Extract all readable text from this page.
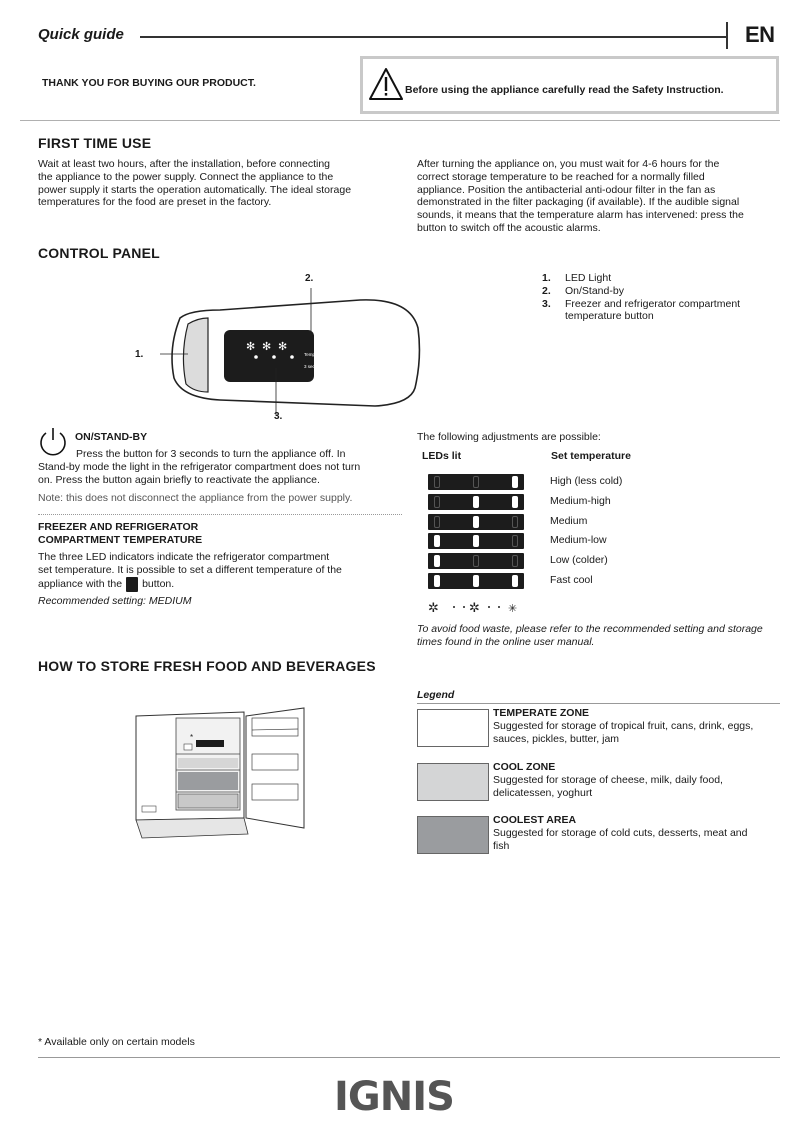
Quick guide	EN
THANK YOU FOR BUYING OUR PRODUCT.
Before using the appliance carefully read the Safety Instruction.
FIRST TIME USE
Wait at least two hours, after the installation, before connecting
the appliance to the power supply. Connect the appliance to the
power supply it starts the operation automatically. The ideal storage
temperatures for the food are preset in the factory.
After turning the appliance on, you must wait for 4-6 hours for the
correct storage temperature to be reached for a normally filled
appliance. Position the antibacterial anti-odour filter in the fan as
demonstrated in the filter packaging (if available). If the audible signal
sounds, it means that the temperature alarm has intervened: press the
button to switch off the acoustic alarms.
CONTROL PANEL
✻ ✻ ✻
Temp.
3 sec
2.
1.
3.
1.	LED Light
2.	On/Stand-by
3.	Freezer and refrigerator compartment
temperature button
ON/STAND-BY
Press the button for 3 seconds to turn the appliance off. In
Stand-by mode the light in the refrigerator compartment does not turn
on. Press the button again briefly to reactivate the appliance.
Note: this does not disconnect the appliance from the power supply.
FREEZER AND REFRIGERATOR
COMPARTMENT TEMPERATURE
The three LED indicators indicate the refrigerator compartment
set temperature. It is possible to set a different temperature of the
appliance with the button.
Recommended setting: MEDIUM
The following adjustments are possible:
LEDs lit	Set temperature
High (less cold)
Medium-high
Medium
Medium-low
Low (colder)
Fast cool
✲ ✲	✳
To avoid food waste, please refer to the recommended setting and storage
times found in the online user manual.
HOW TO STORE FRESH FOOD AND BEVERAGES
*
Legend
TEMPERATE ZONE
Suggested for storage of tropical fruit, cans, drink, eggs,
sauces, pickles, butter, jam
COOL ZONE
Suggested for storage of cheese, milk, daily food,
delicatessen, yoghurt
COOLEST AREA
Suggested for storage of cold cuts, desserts, meat and
fish
* Available only on certain models
IGNIS
